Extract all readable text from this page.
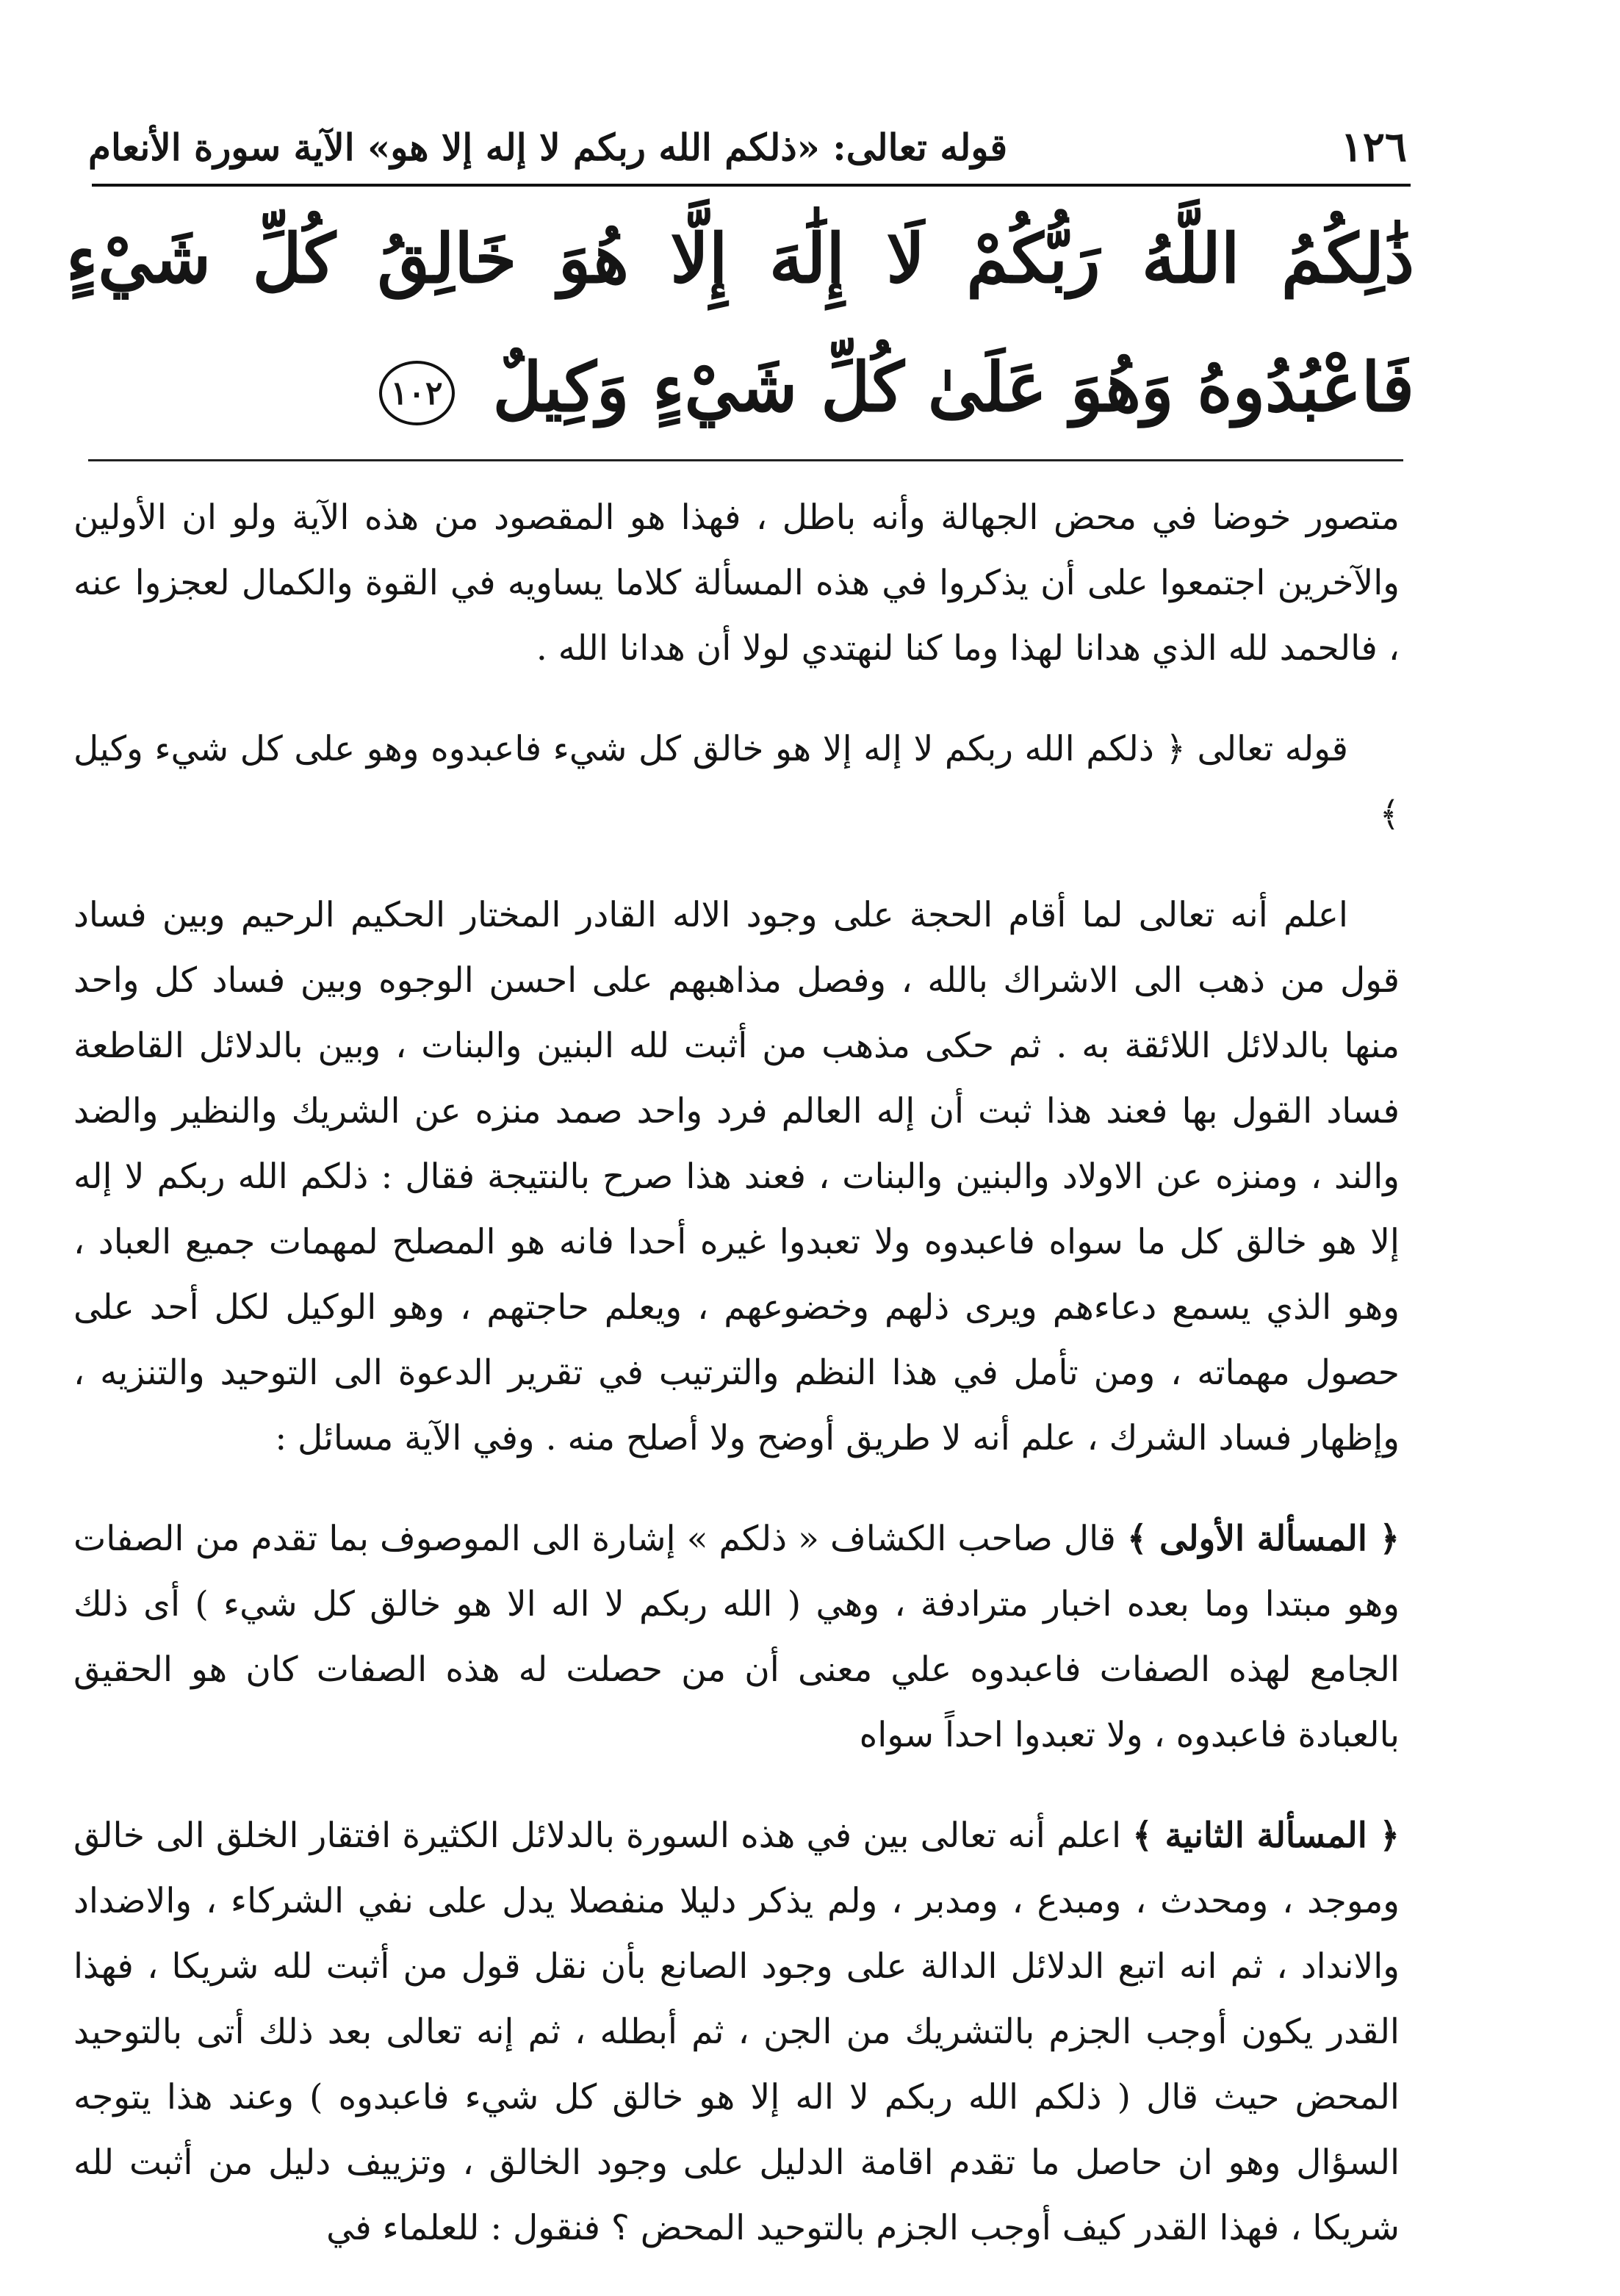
١٢٦
قوله تعالى: «ذلكم الله ربكم لا إله إلا هو» الآية سورة الأنعام
ذَٰلِكُمُ اللَّهُ رَبُّكُمْ لَا إِلَٰهَ إِلَّا هُوَ خَالِقُ كُلِّ شَيْءٍ فَاعْبُدُوهُ وَهُوَ عَلَىٰ كُلِّ شَيْءٍ وَكِيلٌ ١٠٢

متصور خوضا في محض الجهالة وأنه باطل ، فهذا هو المقصود من هذه الآية ولو ان الأولين والآخرين اجتمعوا على أن يذكروا في هذه المسألة كلاما يساويه في القوة والكمال لعجزوا عنه ، فالحمد لله الذي هدانا لهذا وما كنا لنهتدي لولا أن هدانا الله .

قوله تعالى ﴿ ذلكم الله ربكم لا إله إلا هو خالق كل شيء فاعبدوه وهو على كل شيء وكيل ﴾

اعلم أنه تعالى لما أقام الحجة على وجود الاله القادر المختار الحكيم الرحيم وبين فساد قول من ذهب الى الاشراك بالله ، وفصل مذاهبهم على احسن الوجوه وبين فساد كل واحد منها بالدلائل اللائقة به . ثم حكى مذهب من أثبت لله البنين والبنات ، وبين بالدلائل القاطعة فساد القول بها فعند هذا ثبت أن إله العالم فرد واحد صمد منزه عن الشريك والنظير والضد والند ، ومنزه عن الاولاد والبنين والبنات ، فعند هذا صرح بالنتيجة فقال : ذلكم الله ربكم لا إله إلا هو خالق كل ما سواه فاعبدوه ولا تعبدوا غيره أحدا فانه هو المصلح لمهمات جميع العباد ، وهو الذي يسمع دعاءهم ويرى ذلهم وخضوعهم ، ويعلم حاجتهم ، وهو الوكيل لكل أحد على حصول مهماته ، ومن تأمل في هذا النظم والترتيب في تقرير الدعوة الى التوحيد والتنزيه ، وإظهار فساد الشرك ، علم أنه لا طريق أوضح ولا أصلح منه . وفي الآية مسائل :

﴿ المسألة الأولى ﴾ قال صاحب الكشاف « ذلكم » إشارة الى الموصوف بما تقدم من الصفات وهو مبتدا وما بعده اخبار مترادفة ، وهي ( الله ربكم لا اله الا هو خالق كل شيء ) أى ذلك الجامع لهذه الصفات فاعبدوه علي معنى أن من حصلت له هذه الصفات كان هو الحقيق بالعبادة فاعبدوه ، ولا تعبدوا احداً سواه

﴿ المسألة الثانية ﴾ اعلم أنه تعالى بين في هذه السورة بالدلائل الكثيرة افتقار الخلق الى خالق وموجد ، ومحدث ، ومبدع ، ومدبر ، ولم يذكر دليلا منفصلا يدل على نفي الشركاء ، والاضداد والانداد ، ثم انه اتبع الدلائل الدالة على وجود الصانع بأن نقل قول من أثبت لله شريكا ، فهذا القدر يكون أوجب الجزم بالتشريك من الجن ، ثم أبطله ، ثم إنه تعالى بعد ذلك أتى بالتوحيد المحض حيث قال ( ذلكم الله ربكم لا اله إلا هو خالق كل شيء فاعبدوه ) وعند هذا يتوجه السؤال وهو ان حاصل ما تقدم اقامة الدليل على وجود الخالق ، وتزييف دليل من أثبت لله شريكا ، فهذا القدر كيف أوجب الجزم بالتوحيد المحض ؟ فنقول : للعلماء في
